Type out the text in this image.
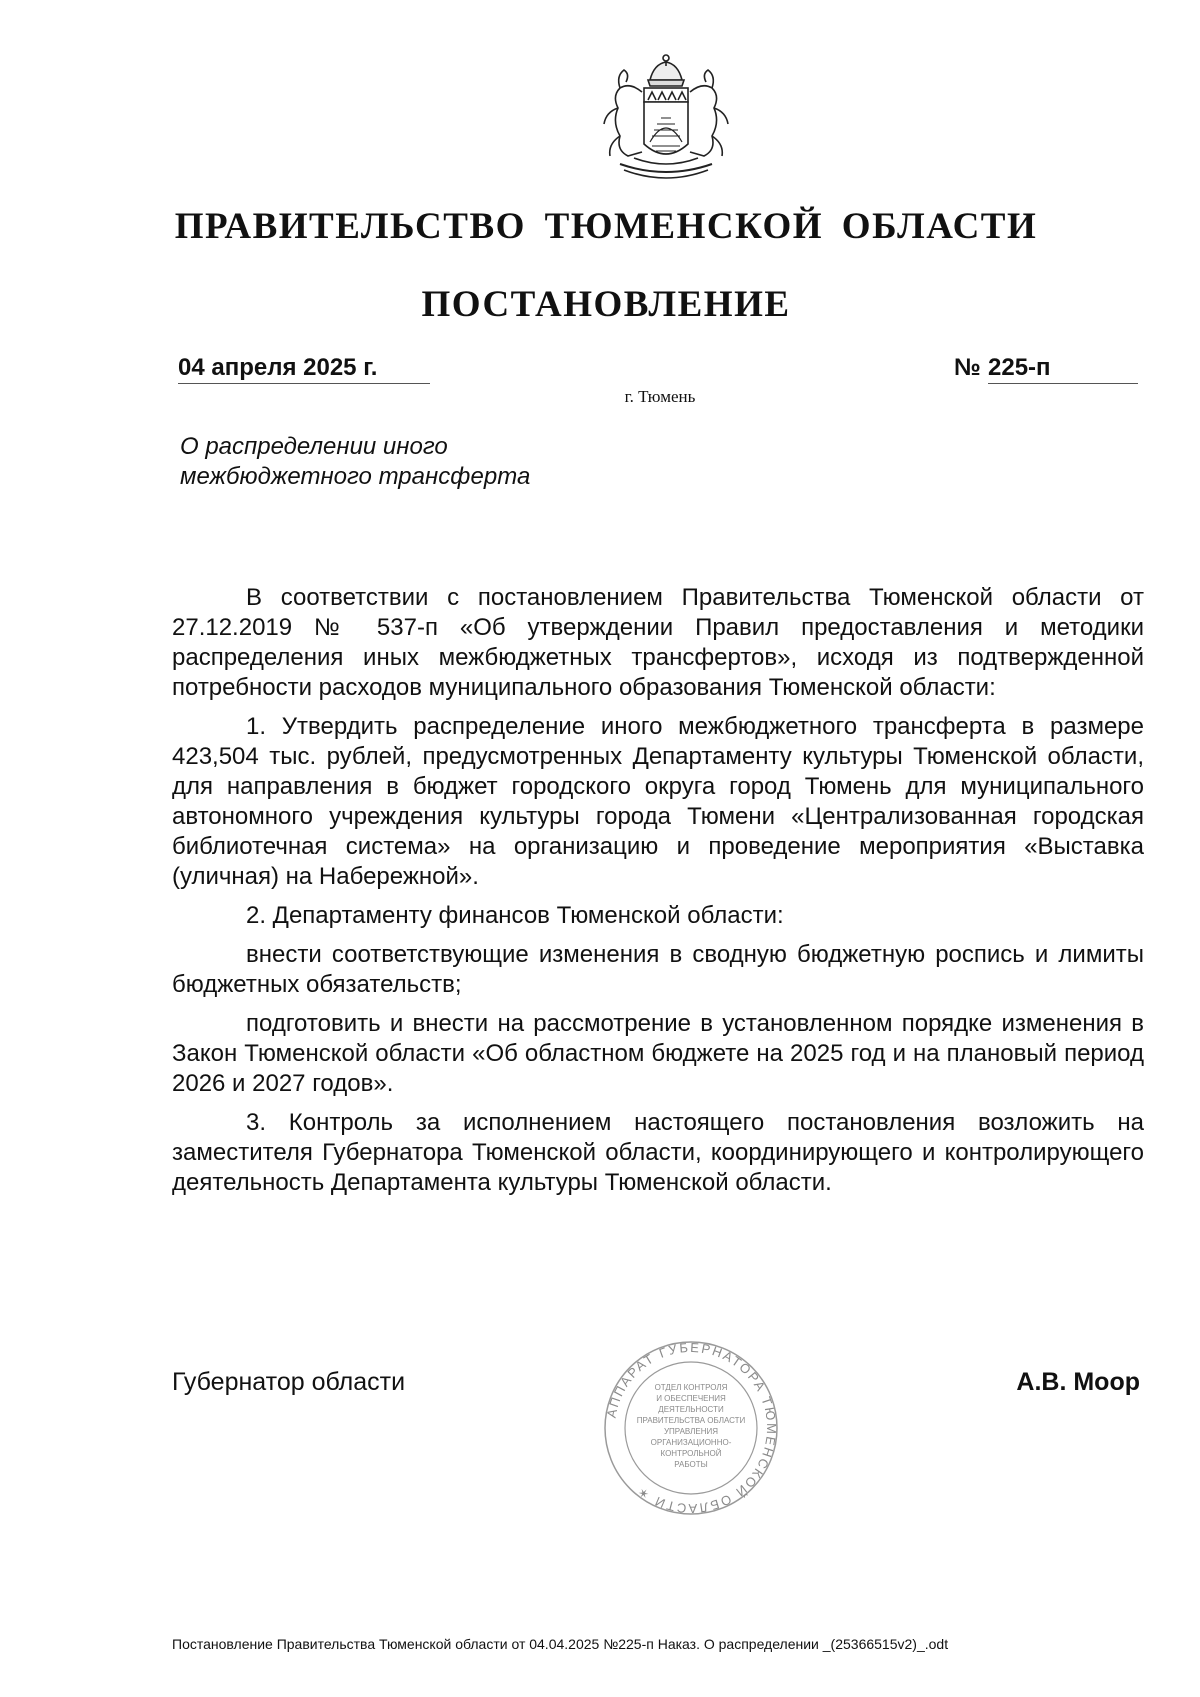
ПРАВИТЕЛЬСТВО ТЮМЕНСКОЙ ОБЛАСТИ
ПОСТАНОВЛЕНИЕ
04 апреля 2025 г.	№ 225-п
г. Тюмень
О распределении иного
межбюджетного трансферта

В соответствии с постановлением Правительства Тюменской области от 27.12.2019 № 537-п «Об утверждении Правил предоставления и методики распределения иных межбюджетных трансфертов», исходя из подтвержденной потребности расходов муниципального образования Тюменской области:

1. Утвердить распределение иного межбюджетного трансферта в размере 423,504 тыс. рублей, предусмотренных Департаменту культуры Тюменской области, для направления в бюджет городского округа город Тюмень для муниципального автономного учреждения культуры города Тюмени «Централизованная городская библиотечная система» на организацию и проведение мероприятия «Выставка (уличная) на Набережной».

2. Департаменту финансов Тюменской области:

внести соответствующие изменения в сводную бюджетную роспись и лимиты бюджетных обязательств;

подготовить и внести на рассмотрение в установленном порядке изменения в Закон Тюменской области «Об областном бюджете на 2025 год и на плановый период 2026 и 2027 годов».

3. Контроль за исполнением настоящего постановления возложить на заместителя Губернатора Тюменской области, координирующего и контролирующего деятельность Департамента культуры Тюменской области.

Губернатор области	А.В. Моор
АППАРАТ ГУБЕРНАТОРА ТЮМЕНСКОЙ ОБЛАСТИ ✶
ОТДЕЛ КОНТРОЛЯ
И ОБЕСПЕЧЕНИЯ
ДЕЯТЕЛЬНОСТИ
ПРАВИТЕЛЬСТВА ОБЛАСТИ
УПРАВЛЕНИЯ
ОРГАНИЗАЦИОННО-
КОНТРОЛЬНОЙ
РАБОТЫ
Постановление Правительства Тюменской области от 04.04.2025 №225-п Наказ. О распределении _(25366515v2)_.odt
